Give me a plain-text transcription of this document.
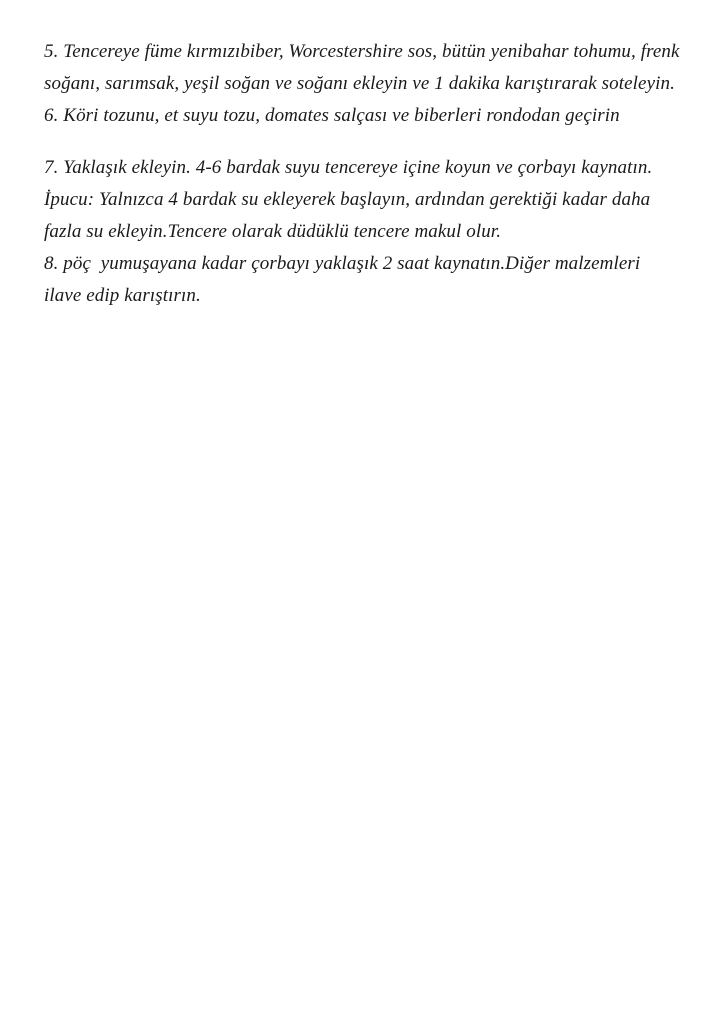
5. Tencereye füme kırmızıbiber, Worcestershire sos, bütün yenibahar tohumu, frenk soğanı, sarımsak, yeşil soğan ve soğanı ekleyin ve 1 dakika karıştırarak soteleyin.

6. Köri tozunu, et suyu tozu, domates salçası ve biberleri rondodan geçirin

7. Yaklaşık ekleyin. 4-6 bardak suyu tencereye içine koyun ve çorbayı kaynatın. İpucu: Yalnızca 4 bardak su ekleyerek başlayın, ardından gerektiği kadar daha fazla su ekleyin.Tencere olarak düdüklü tencere makul olur.

8. pöç  yumuşayana kadar çorbayı yaklaşık 2 saat kaynatın.Diğer malzemleri ilave edip karıştırın.
